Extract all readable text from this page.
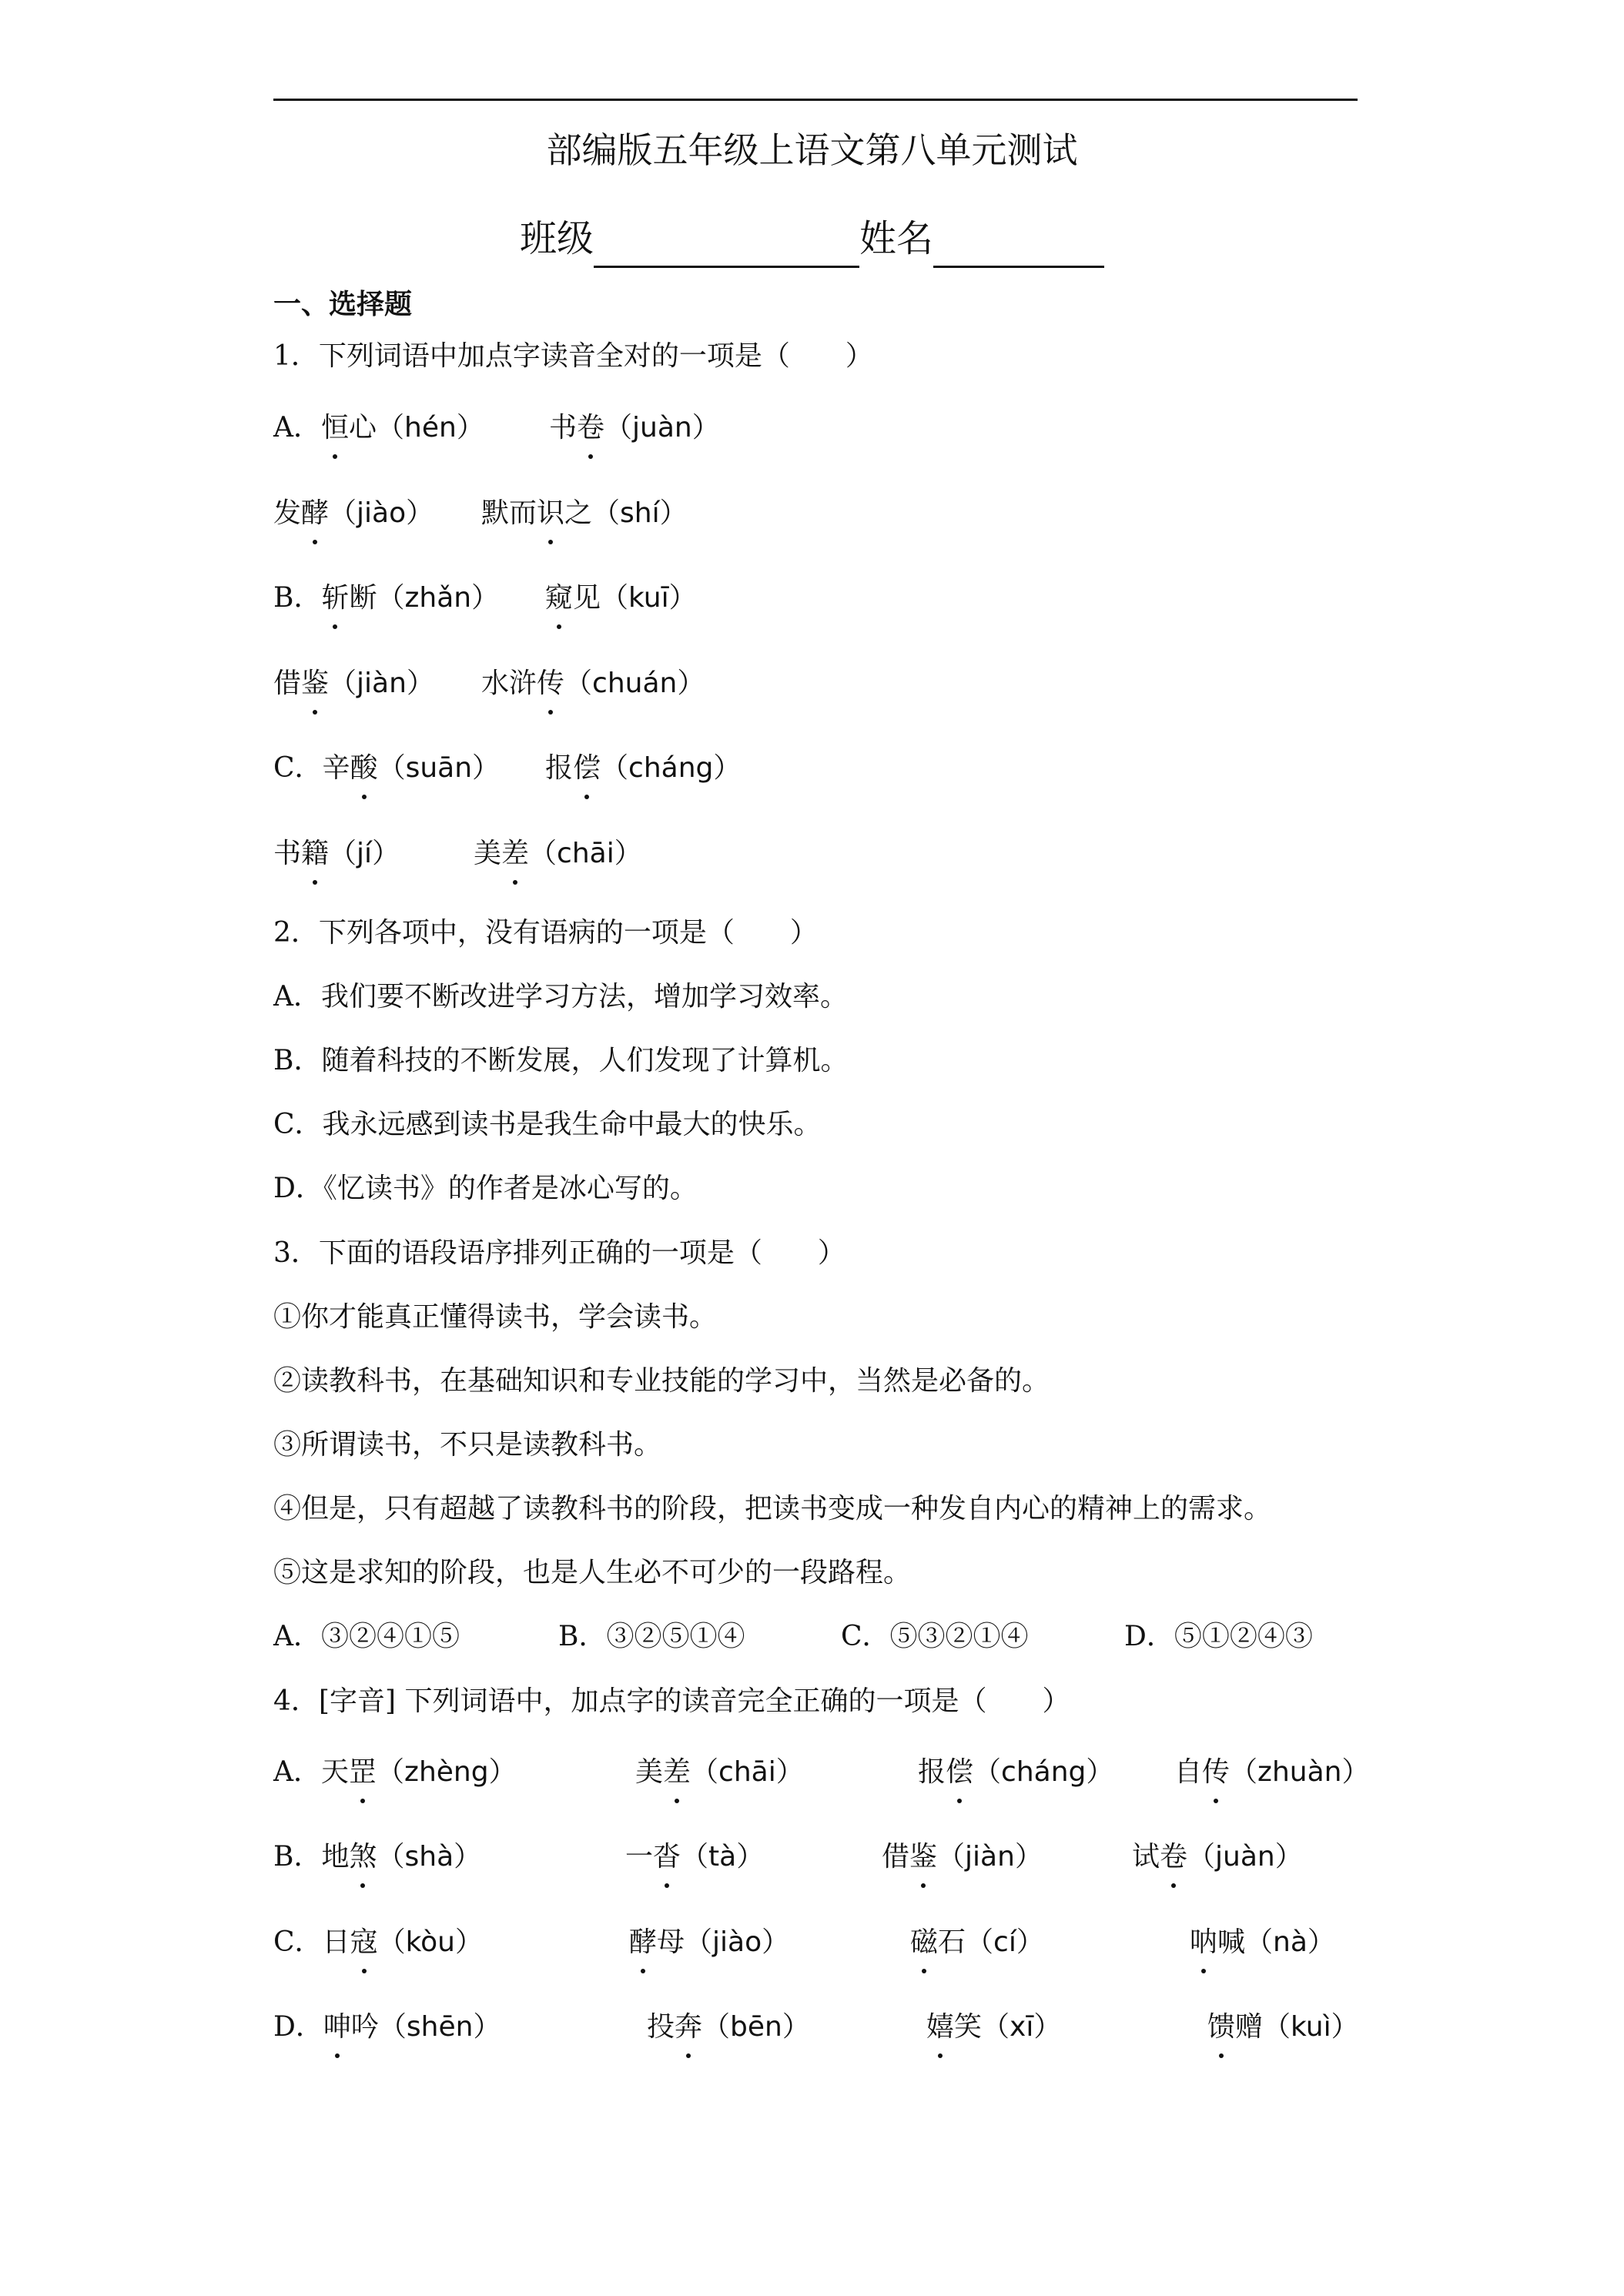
部编版五年级上语文第八单元测试
班级	姓名
一、选择题
1．下列词语中加点字读音全对的一项是（　　）
A．恒心（hén） 书卷（juàn）
发酵（jiào） 默而识之（shí）
B．斩断（zhǎn） 窥见（kuī）
借鉴（jiàn） 水浒传（chuán）
C．辛酸（suān） 报偿（cháng）
书籍（jí）	美差（chāi）
2．下列各项中，没有语病的一项是（　　）
A．我们要不断改进学习方法，增加学习效率。
B．随着科技的不断发展，人们发现了计算机。
C．我永远感到读书是我生命中最大的快乐。
D．《忆读书》的作者是冰心写的。
3．下面的语段语序排列正确的一项是（　　）
①你才能真正懂得读书，学会读书。
②读教科书，在基础知识和专业技能的学习中，当然是必备的。
③所谓读书，不只是读教科书。
④但是，只有超越了读教科书的阶段，把读书变成一种发自内心的精神上的需求。
⑤这是求知的阶段，也是人生必不可少的一段路程。
A．③②④①⑤	B．③②⑤①④	C．⑤③②①④	D．⑤①②④③
4．[字音] 下列词语中，加点字的读音完全正确的一项是（　　）
A．天罡（zhèng）	美差（chāi）	报偿（cháng） 自传（zhuàn）
B．地煞（shà）	一沓（tà）	借鉴（jiàn）	试卷（juàn）
C．日寇（kòu）	酵母（jiào）	磁石（cí）	呐喊（nà）
D．呻吟（shēn）	投奔（bēn）	嬉笑（xī）	馈赠（kuì）
